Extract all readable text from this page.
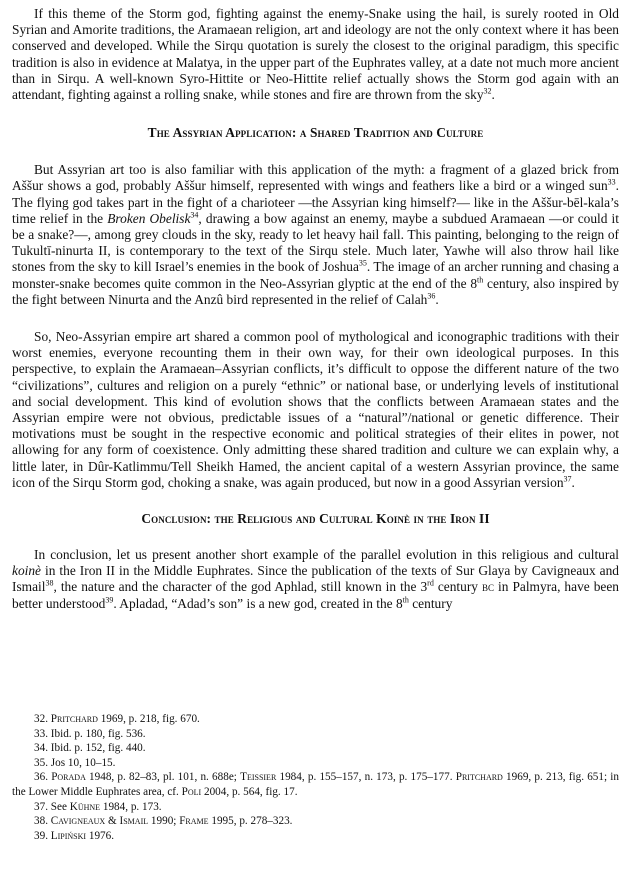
If this theme of the Storm god, fighting against the enemy-Snake using the hail, is surely rooted in Old Syrian and Amorite traditions, the Aramaean religion, art and ideology are not the only context where it has been conserved and developed. While the Sirqu quotation is surely the closest to the original paradigm, this specific tradition is also in evidence at Malatya, in the upper part of the Euphrates valley, at a date not much more ancient than in Sirqu. A well-known Syro-Hittite or Neo-Hittite relief actually shows the Storm god again with an attendant, fighting against a rolling snake, while stones and fire are thrown from the sky$^{32}$.

The Assyrian Application: a Shared Tradition and Culture

But Assyrian art too is also familiar with this application of the myth: a fragment of a glazed brick from Aššur shows a god, probably Aššur himself, represented with wings and feathers like a bird or a winged sun$^{33}$. The flying god takes part in the fight of a charioteer —the Assyrian king himself?— like in the Aššur-bēl-kala’s time relief in the Broken Obelisk$^{34}$, drawing a bow against an enemy, maybe a subdued Aramaean —or could it be a snake?—, among grey clouds in the sky, ready to let heavy hail fall. This painting, belonging to the reign of Tukultī-ninurta II, is contemporary to the text of the Sirqu stele. Much later, Yawhe will also throw hail like stones from the sky to kill Israel’s enemies in the book of Joshua$^{35}$. The image of an archer running and chasing a monster-snake becomes quite common in the Neo-Assyrian glyptic at the end of the 8th century, also inspired by the fight between Ninurta and the Anzû bird represented in the relief of Calah$^{36}$.

So, Neo-Assyrian empire art shared a common pool of mythological and iconographic traditions with their worst enemies, everyone recounting them in their own way, for their own ideological purposes. In this perspective, to explain the Aramaean–Assyrian conflicts, it’s difficult to oppose the different nature of the two “civilizations”, cultures and religion on a purely “ethnic” or national base, or underlying levels of institutional and social development. This kind of evolution shows that the conflicts between Aramaean states and the Assyrian empire were not obvious, predictable issues of a “natural”/national or genetic difference. Their motivations must be sought in the respective economic and political strategies of their elites in power, not allowing for any form of coexistence. Only admitting these shared tradition and culture we can explain why, a little later, in Dûr-Katlimmu/Tell Sheikh Hamed, the ancient capital of a western Assyrian province, the same icon of the Sirqu Storm god, choking a snake, was again produced, but now in a good Assyrian version$^{37}$.

Conclusion: the Religious and Cultural Koinè in the Iron II

In conclusion, let us present another short example of the parallel evolution in this religious and cultural koinè in the Iron II in the Middle Euphrates. Since the publication of the texts of Sur Glaya by Cavigneaux and Ismail$^{38}$, the nature and the character of the god Aphlad, still known in the 3rd century bc in Palmyra, have been better understood$^{39}$. Apladad, “Adad’s son” is a new god, created in the 8th century

32. Pritchard 1969, p. 218, fig. 670.

33. Ibid. p. 180, fig. 536.

34. Ibid. p. 152, fig. 440.

35. Jos 10, 10–15.

36. Porada 1948, p. 82–83, pl. 101, n. 688e; Teissier 1984, p. 155–157, n. 173, p. 175–177. Pritchard 1969, p. 213, fig. 651; in the Lower Middle Euphrates area, cf. Poli 2004, p. 564, fig. 17.

37. See Kühne 1984, p. 173.

38. Cavigneaux & Ismail 1990; Frame 1995, p. 278–323.

39. Lipiński 1976.
